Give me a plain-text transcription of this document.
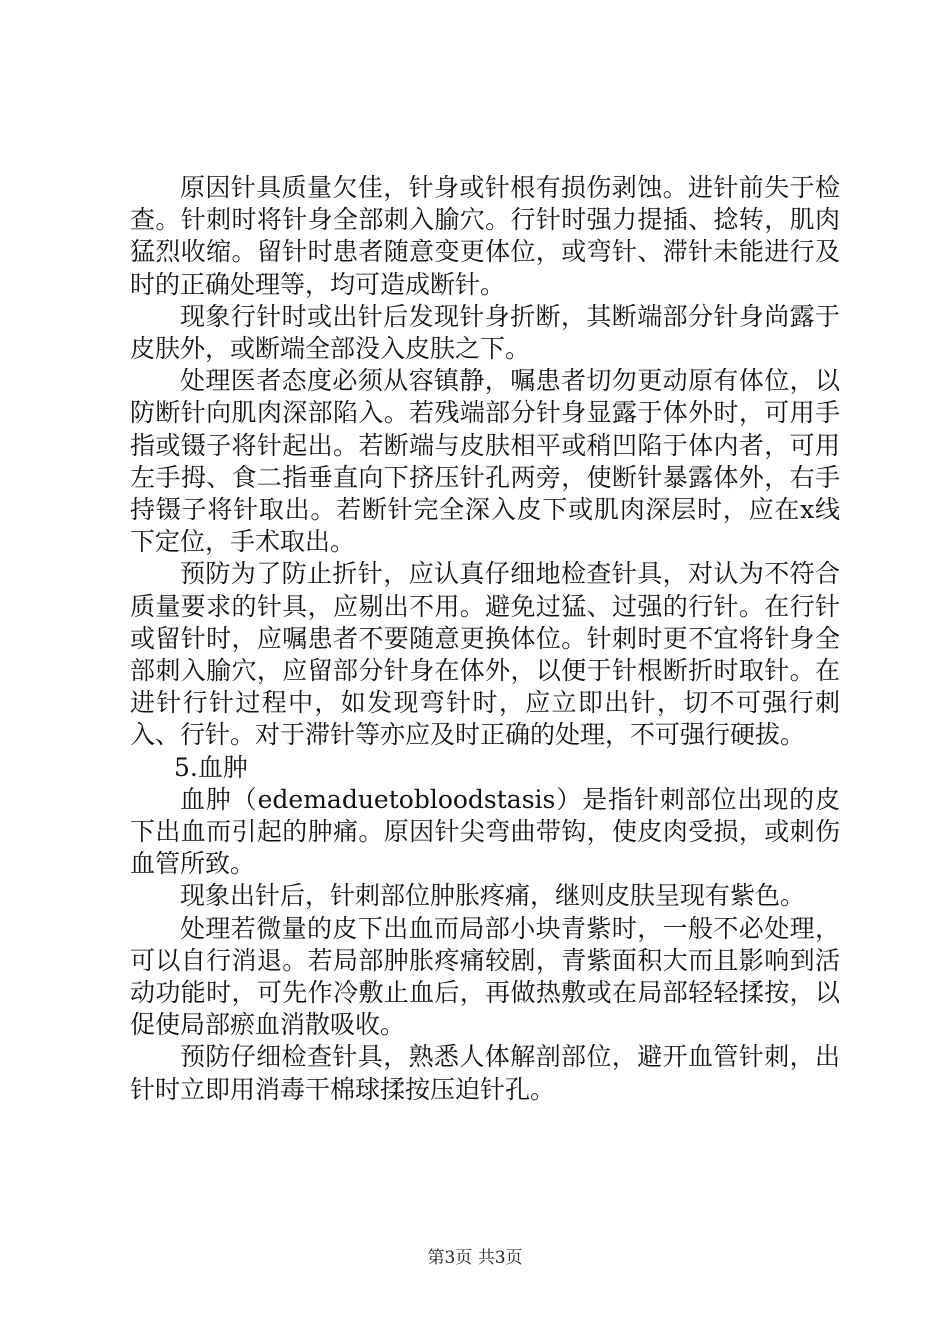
原因针具质量欠佳，针身或针根有损伤剥蚀。进针前失于检查。针刺时将针身全部刺入腧穴。行针时强力提插、捻转，肌肉猛烈收缩。留针时患者随意变更体位，或弯针、滞针未能进行及时的正确处理等，均可造成断针。

现象行针时或出针后发现针身折断，其断端部分针身尚露于皮肤外，或断端全部没入皮肤之下。

处理医者态度必须从容镇静，嘱患者切勿更动原有体位，以防断针向肌肉深部陷入。若残端部分针身显露于体外时，可用手指或镊子将针起出。若断端与皮肤相平或稍凹陷于体内者，可用左手拇、食二指垂直向下挤压针孔两旁，使断针暴露体外，右手持镊子将针取出。若断针完全深入皮下或肌肉深层时，应在x线下定位，手术取出。

预防为了防止折针，应认真仔细地检查针具，对认为不符合质量要求的针具，应剔出不用。避免过猛、过强的行针。在行针或留针时，应嘱患者不要随意更换体位。针刺时更不宜将针身全部刺入腧穴，应留部分针身在体外，以便于针根断折时取针。在进针行针过程中，如发现弯针时，应立即出针，切不可强行刺入、行针。对于滞针等亦应及时正确的处理，不可强行硬拔。

5.血肿

血肿（edemaduetobloodstasis）是指针刺部位出现的皮下出血而引起的肿痛。原因针尖弯曲带钩，使皮肉受损，或刺伤血管所致。

现象出针后，针刺部位肿胀疼痛，继则皮肤呈现有紫色。

处理若微量的皮下出血而局部小块青紫时，一般不必处理，可以自行消退。若局部肿胀疼痛较剧，青紫面积大而且影响到活动功能时，可先作冷敷止血后，再做热敷或在局部轻轻揉按，以促使局部瘀血消散吸收。

预防仔细检查针具，熟悉人体解剖部位，避开血管针刺，出针时立即用消毒干棉球揉按压迫针孔。

第3页 共3页
